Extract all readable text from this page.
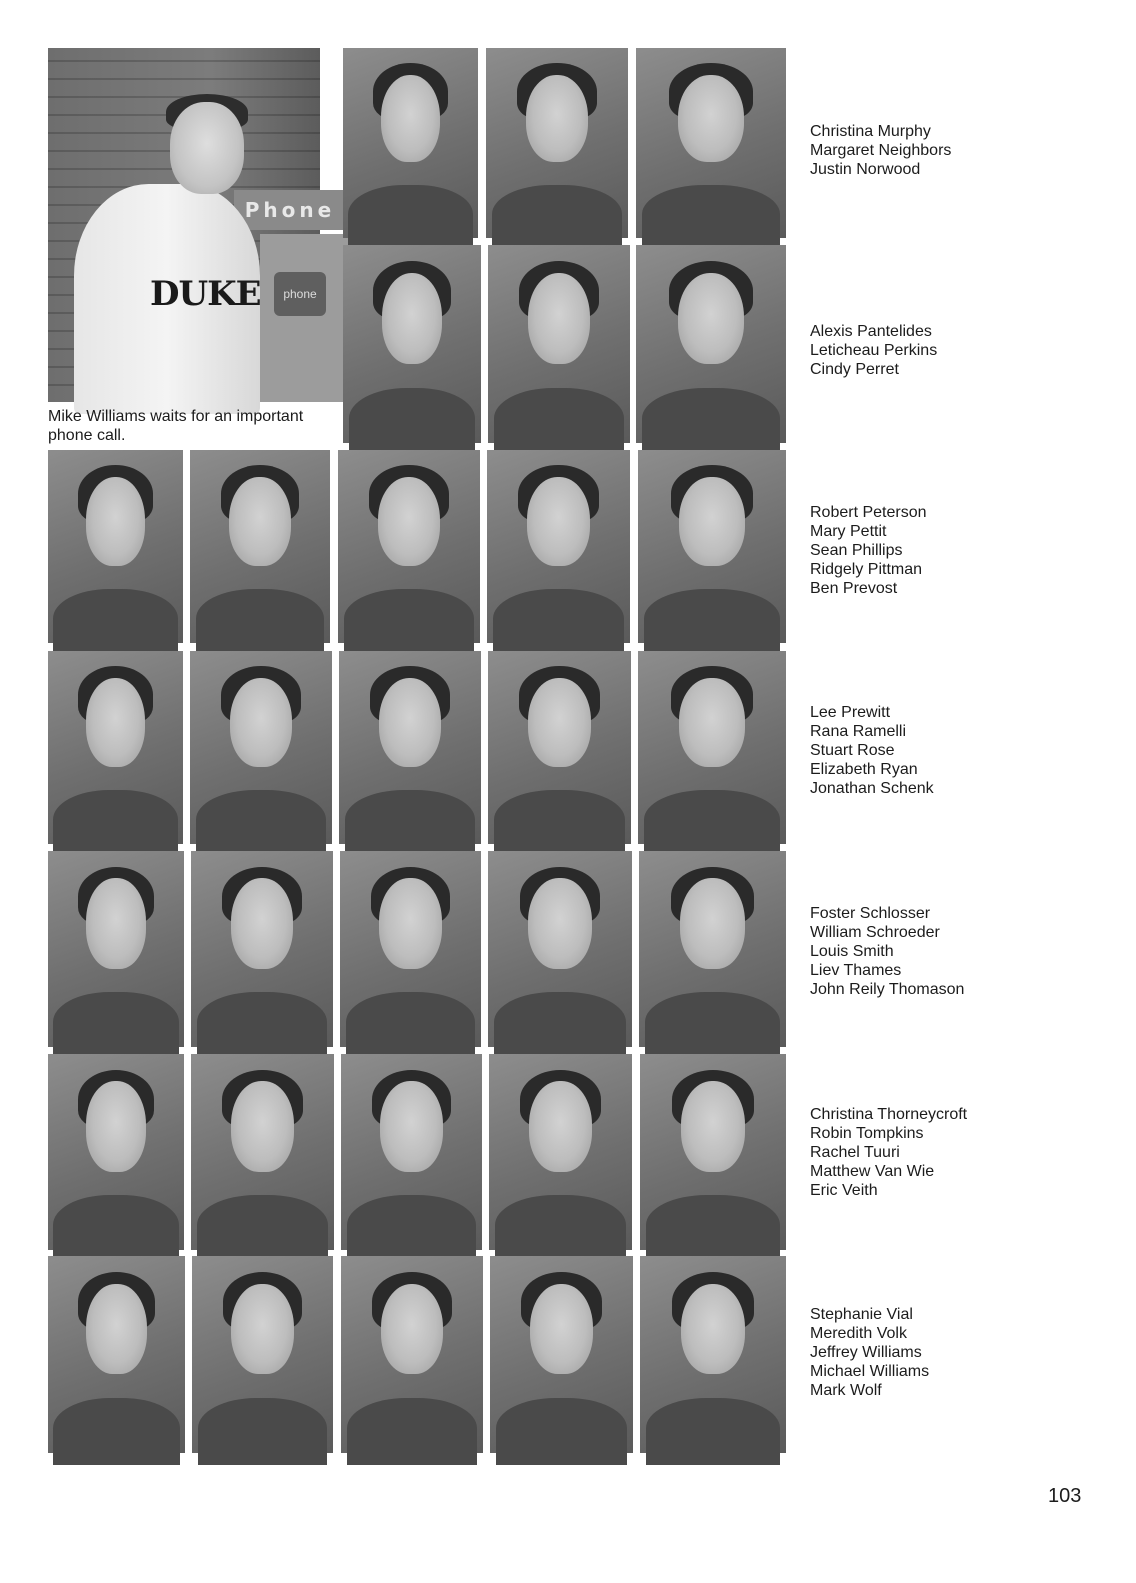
Phone
phone
DUKE
Mike Williams waits for an important phone call.
Christina Murphy
Margaret Neighbors
Justin Norwood
Alexis Pantelides
Leticheau Perkins
Cindy Perret
Robert Peterson
Mary Pettit
Sean Phillips
Ridgely Pittman
Ben Prevost
Lee Prewitt
Rana Ramelli
Stuart Rose
Elizabeth Ryan
Jonathan Schenk
Foster Schlosser
William Schroeder
Louis Smith
Liev Thames
John Reily Thomason
Christina Thorneycroft
Robin Tompkins
Rachel Tuuri
Matthew Van Wie
Eric Veith
Stephanie Vial
Meredith Volk
Jeffrey Williams
Michael Williams
Mark Wolf
103
